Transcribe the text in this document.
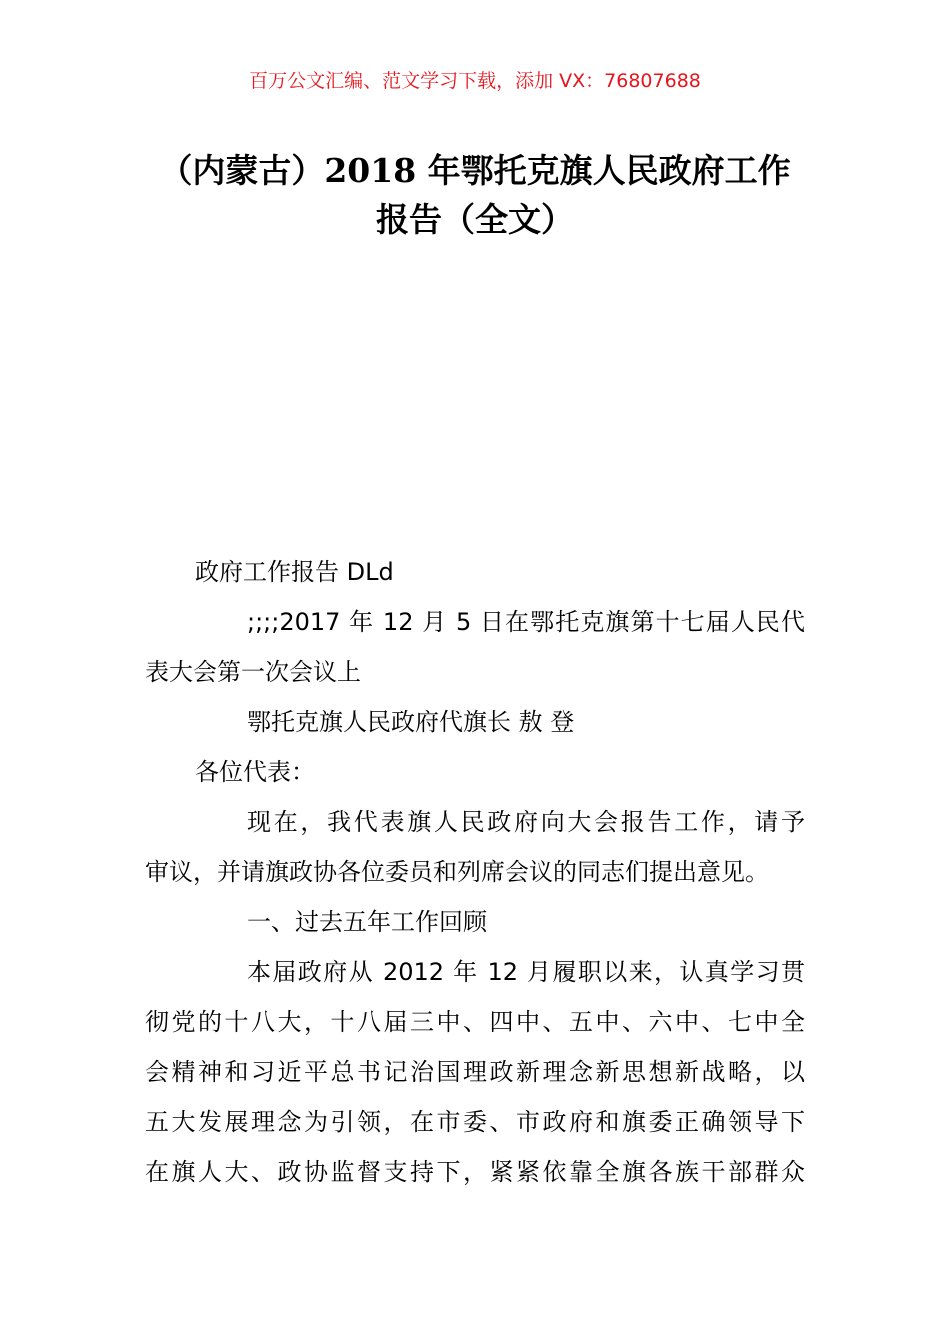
百万公文汇编、范文学习下载，添加 VX：76807688
（内蒙古）2018 年鄂托克旗人民政府工作
报告（全文）
政府工作报告 DLd
;;;;2017 年 12 月 5 日在鄂托克旗第十七届人民代
表大会第一次会议上
鄂托克旗人民政府代旗长 敖 登
各位代表：
现在，我代表旗人民政府向大会报告工作，请予
审议，并请旗政协各位委员和列席会议的同志们提出意见。
一、过去五年工作回顾
本届政府从 2012 年 12 月履职以来，认真学习贯
彻党的十八大，十八届三中、四中、五中、六中、七中全
会精神和习近平总书记治国理政新理念新思想新战略，以
五大发展理念为引领，在市委、市政府和旗委正确领导下
在旗人大、政协监督支持下，紧紧依靠全旗各族干部群众
